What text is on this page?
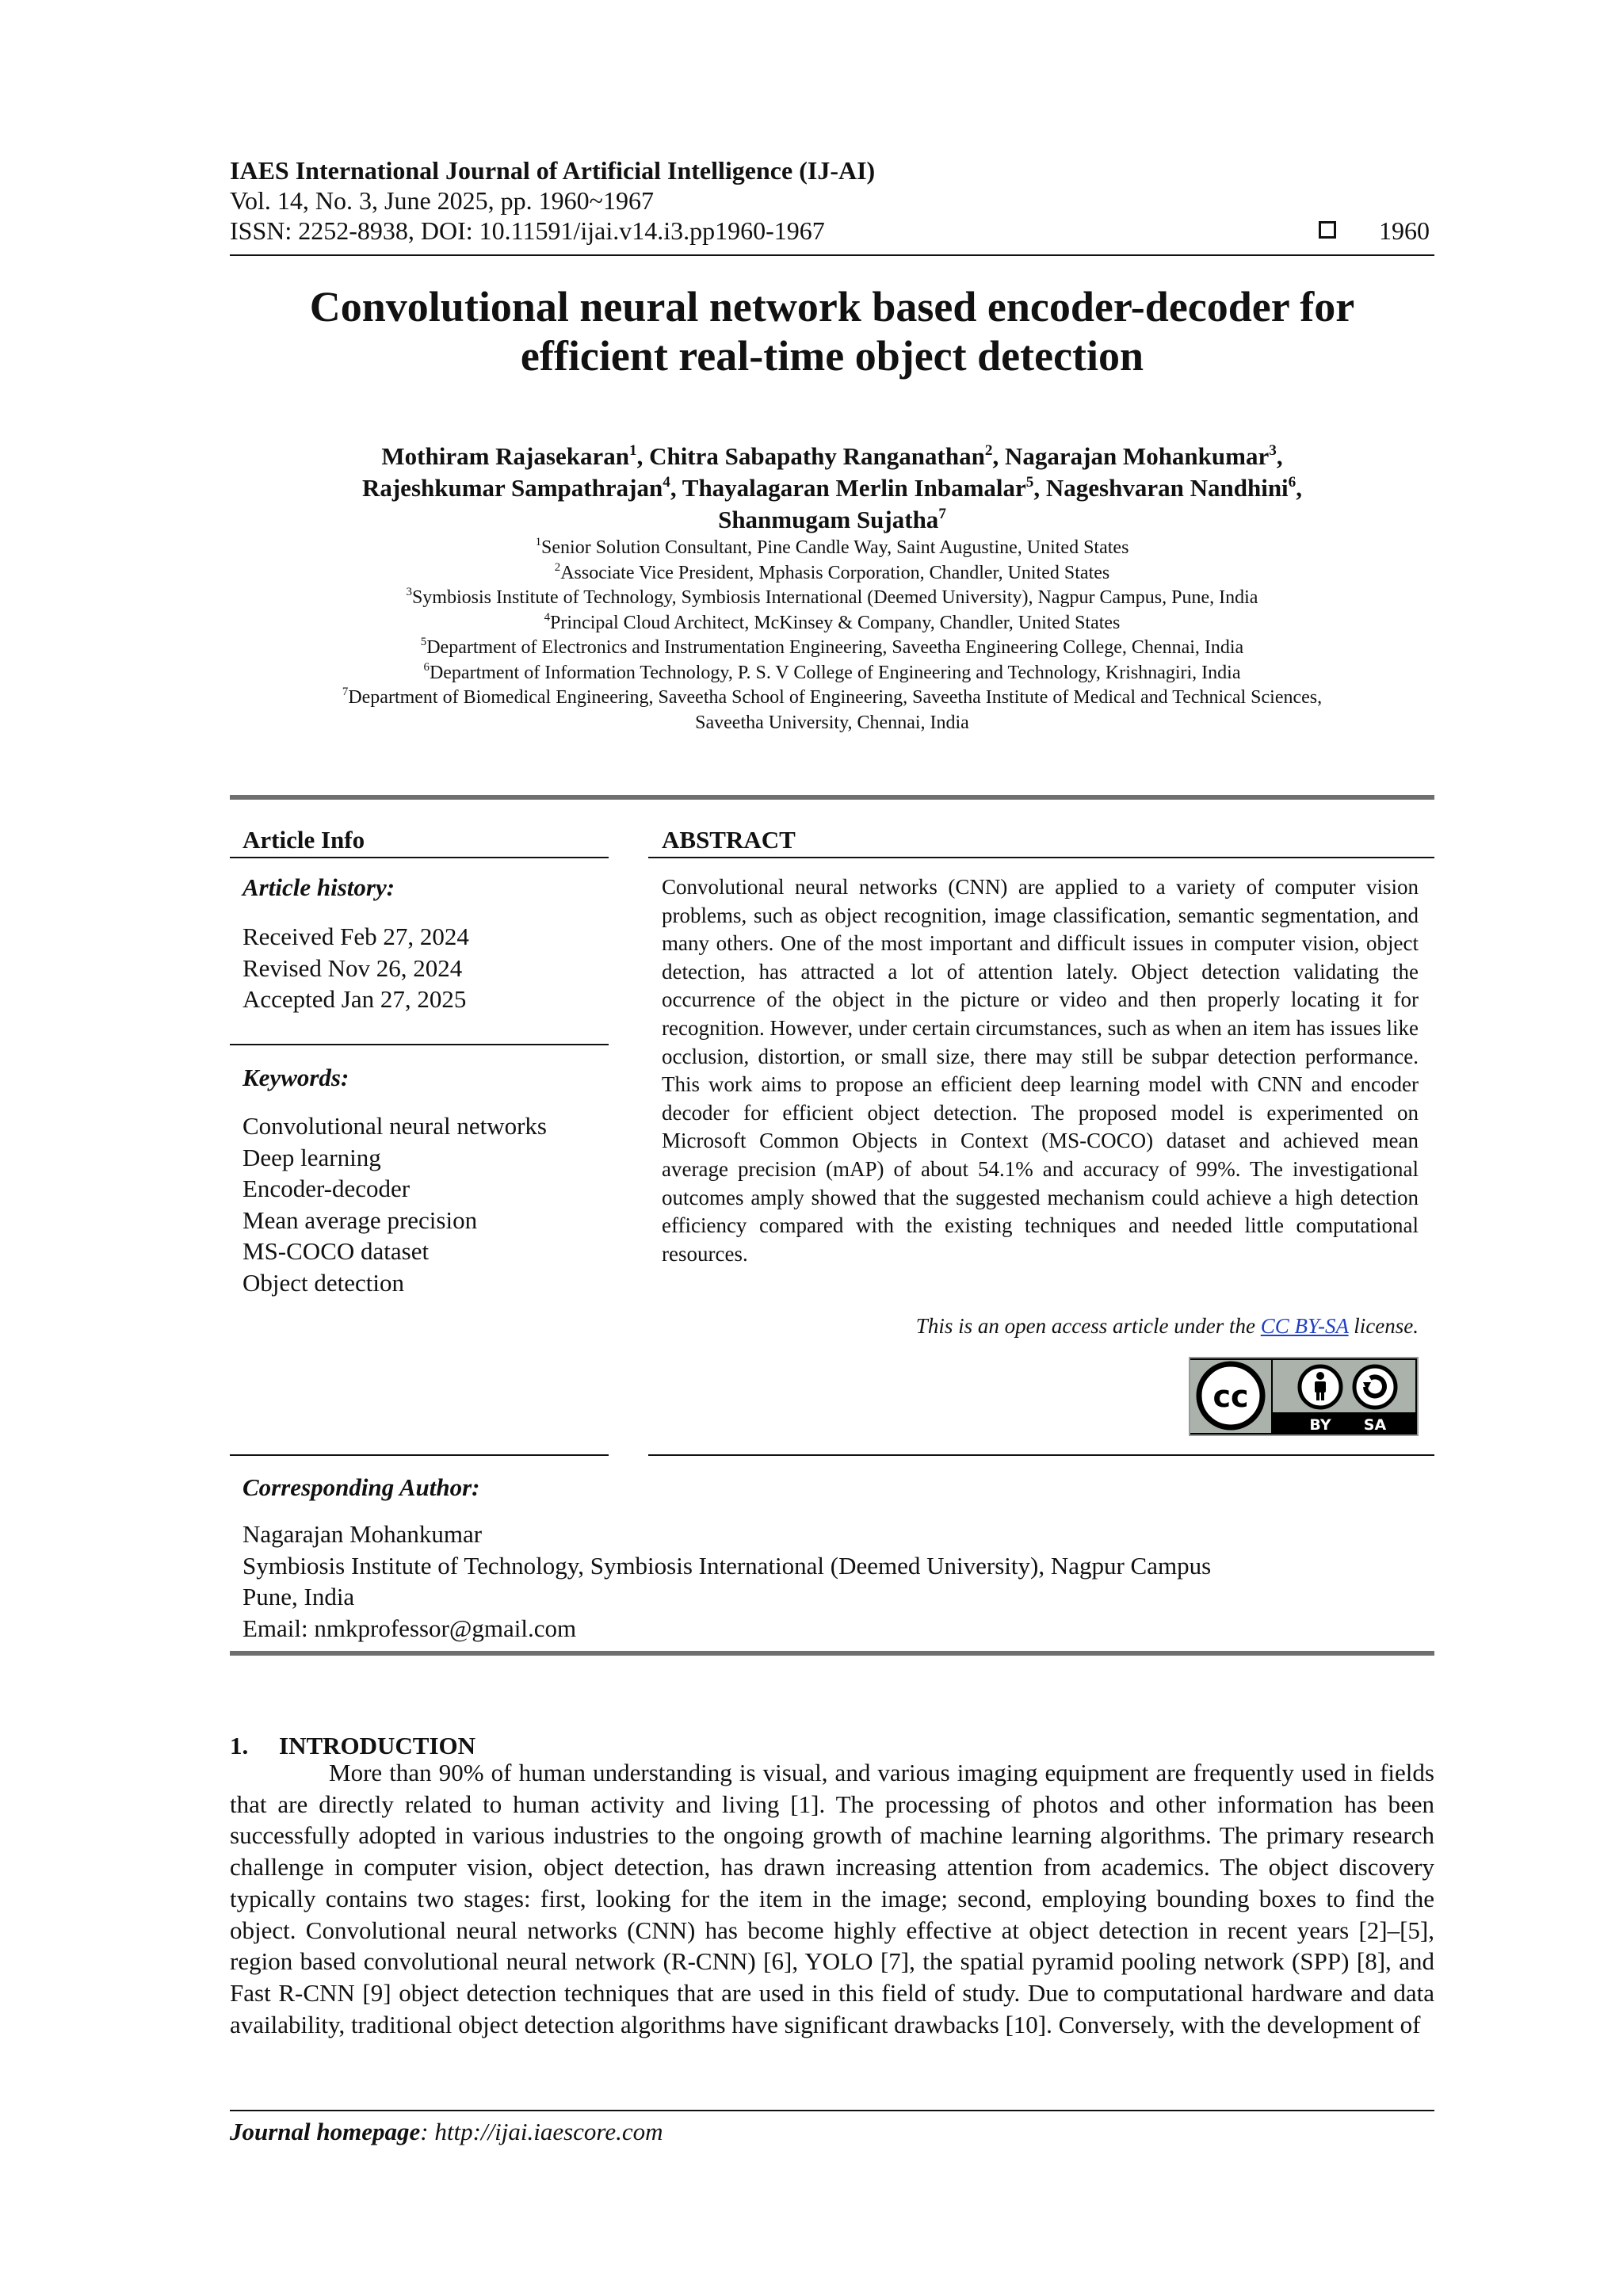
IAES International Journal of Artificial Intelligence (IJ-AI)
Vol. 14, No. 3, June 2025, pp. 1960~1967
ISSN: 2252-8938, DOI: 10.11591/ijai.v14.i3.pp1960-1967	1960
Convolutional neural network based encoder-decoder for
efficient real-time object detection
Mothiram Rajasekaran$^1$, Chitra Sabapathy Ranganathan$^2$, Nagarajan Mohankumar$^3$,
Rajeshkumar Sampathrajan$^4$, Thayalagaran Merlin Inbamalar$^5$, Nageshvaran Nandhini$^6$,
Shanmugam Sujatha$^7$
$^1$Senior Solution Consultant, Pine Candle Way, Saint Augustine, United States
$^2$Associate Vice President, Mphasis Corporation, Chandler, United States
$^3$Symbiosis Institute of Technology, Symbiosis International (Deemed University), Nagpur Campus, Pune, India
$^4$Principal Cloud Architect, McKinsey & Company, Chandler, United States
$^5$Department of Electronics and Instrumentation Engineering, Saveetha Engineering College, Chennai, India
$^6$Department of Information Technology, P. S. V College of Engineering and Technology, Krishnagiri, India
$^7$Department of Biomedical Engineering, Saveetha School of Engineering, Saveetha Institute of Medical and Technical Sciences,
Saveetha University, Chennai, India
Article Info	ABSTRACT
Article history:
Received Feb 27, 2024
Revised Nov 26, 2024
Accepted Jan 27, 2025
Keywords:
Convolutional neural networks
Deep learning
Encoder-decoder
Mean average precision
MS-COCO dataset
Object detection
Convolutional neural networks (CNN) are applied to a variety of computer vision problems, such as object recognition, image classification, semantic segmentation, and many others. One of the most important and difficult issues in computer vision, object detection, has attracted a lot of attention lately. Object detection validating the occurrence of the object in the picture or video and then properly locating it for recognition. However, under certain circumstances, such as when an item has issues like occlusion, distortion, or small size, there may still be subpar detection performance. This work aims to propose an efficient deep learning model with CNN and encoder decoder for efficient object detection. The proposed model is experimented on Microsoft Common Objects in Context (MS-COCO) dataset and achieved mean average precision (mAP) of about 54.1% and accuracy of 99%. The investigational outcomes amply showed that the suggested mechanism could achieve a high detection efficiency compared with the existing techniques and needed little computational resources.
This is an open access article under the CC BY-SA license.
cc
BY SA
Corresponding Author:
Nagarajan Mohankumar
Symbiosis Institute of Technology, Symbiosis International (Deemed University), Nagpur Campus
Pune, India
Email: nmkprofessor@gmail.com
1.  INTRODUCTION
More than 90% of human understanding is visual, and various imaging equipment are frequently used in fields that are directly related to human activity and living [1]. The processing of photos and other information has been successfully adopted in various industries to the ongoing growth of machine learning algorithms. The primary research challenge in computer vision, object detection, has drawn increasing attention from academics. The object discovery typically contains two stages: first, looking for the item in the image; second, employing bounding boxes to find the object. Convolutional neural networks (CNN) has become highly effective at object detection in recent years [2]–[5], region based convolutional neural network (R-CNN) [6], YOLO [7], the spatial pyramid pooling network (SPP) [8], and Fast R-CNN [9] object detection techniques that are used in this field of study. Due to computational hardware and data availability, traditional object detection algorithms have significant drawbacks [10]. Conversely, with the development of
Journal homepage: http://ijai.iaescore.com
